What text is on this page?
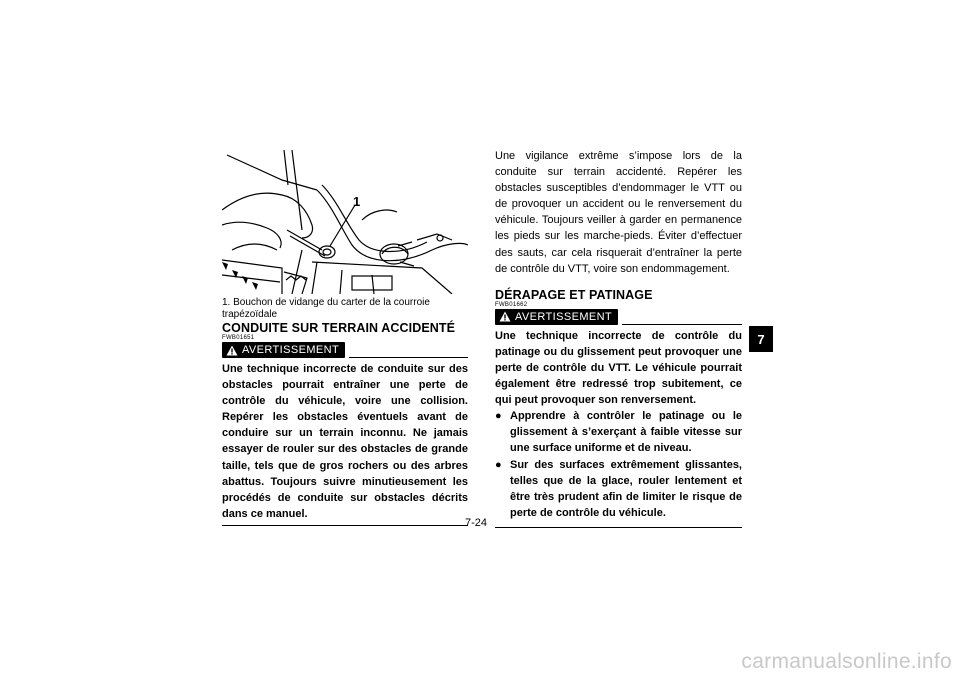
1
1. Bouchon de vidange du carter de la courroie trapézoïdale
CONDUITE SUR TERRAIN ACCIDENTÉ
FWB01651
AVERTISSEMENT
Une technique incorrecte de conduite sur des obstacles pourrait entraîner une perte de contrôle du véhicule, voire une collision. Repérer les obstacles éventuels avant de conduire sur un terrain inconnu. Ne jamais essayer de rouler sur des obstacles de grande taille, tels que de gros rochers ou des arbres abattus. Toujours suivre minutieusement les procédés de conduite sur obstacles décrits dans ce manuel.
Une vigilance extrême s’impose lors de la conduite sur terrain accidenté. Repérer les obstacles susceptibles d’endommager le VTT ou de provoquer un accident ou le renversement du véhicule. Toujours veiller à garder en permanence les pieds sur les marche-pieds. Éviter d’effectuer des sauts, car cela risquerait d’entraîner la perte de contrôle du VTT, voire son endommagement.
DÉRAPAGE ET PATINAGE
FWB01662
AVERTISSEMENT
Une technique incorrecte de contrôle du patinage ou du glissement peut provoquer une perte de contrôle du VTT. Le véhicule pourrait également être redressé trop subitement, ce qui peut provoquer son renversement.
● Apprendre à contrôler le patinage ou le glissement à s’exerçant à faible vitesse sur une surface uniforme et de niveau.
● Sur des surfaces extrêmement glissantes, telles que de la glace, rouler lentement et être très prudent afin de limiter le risque de perte de contrôle du véhicule.
7
7-24
carmanualsonline.info
